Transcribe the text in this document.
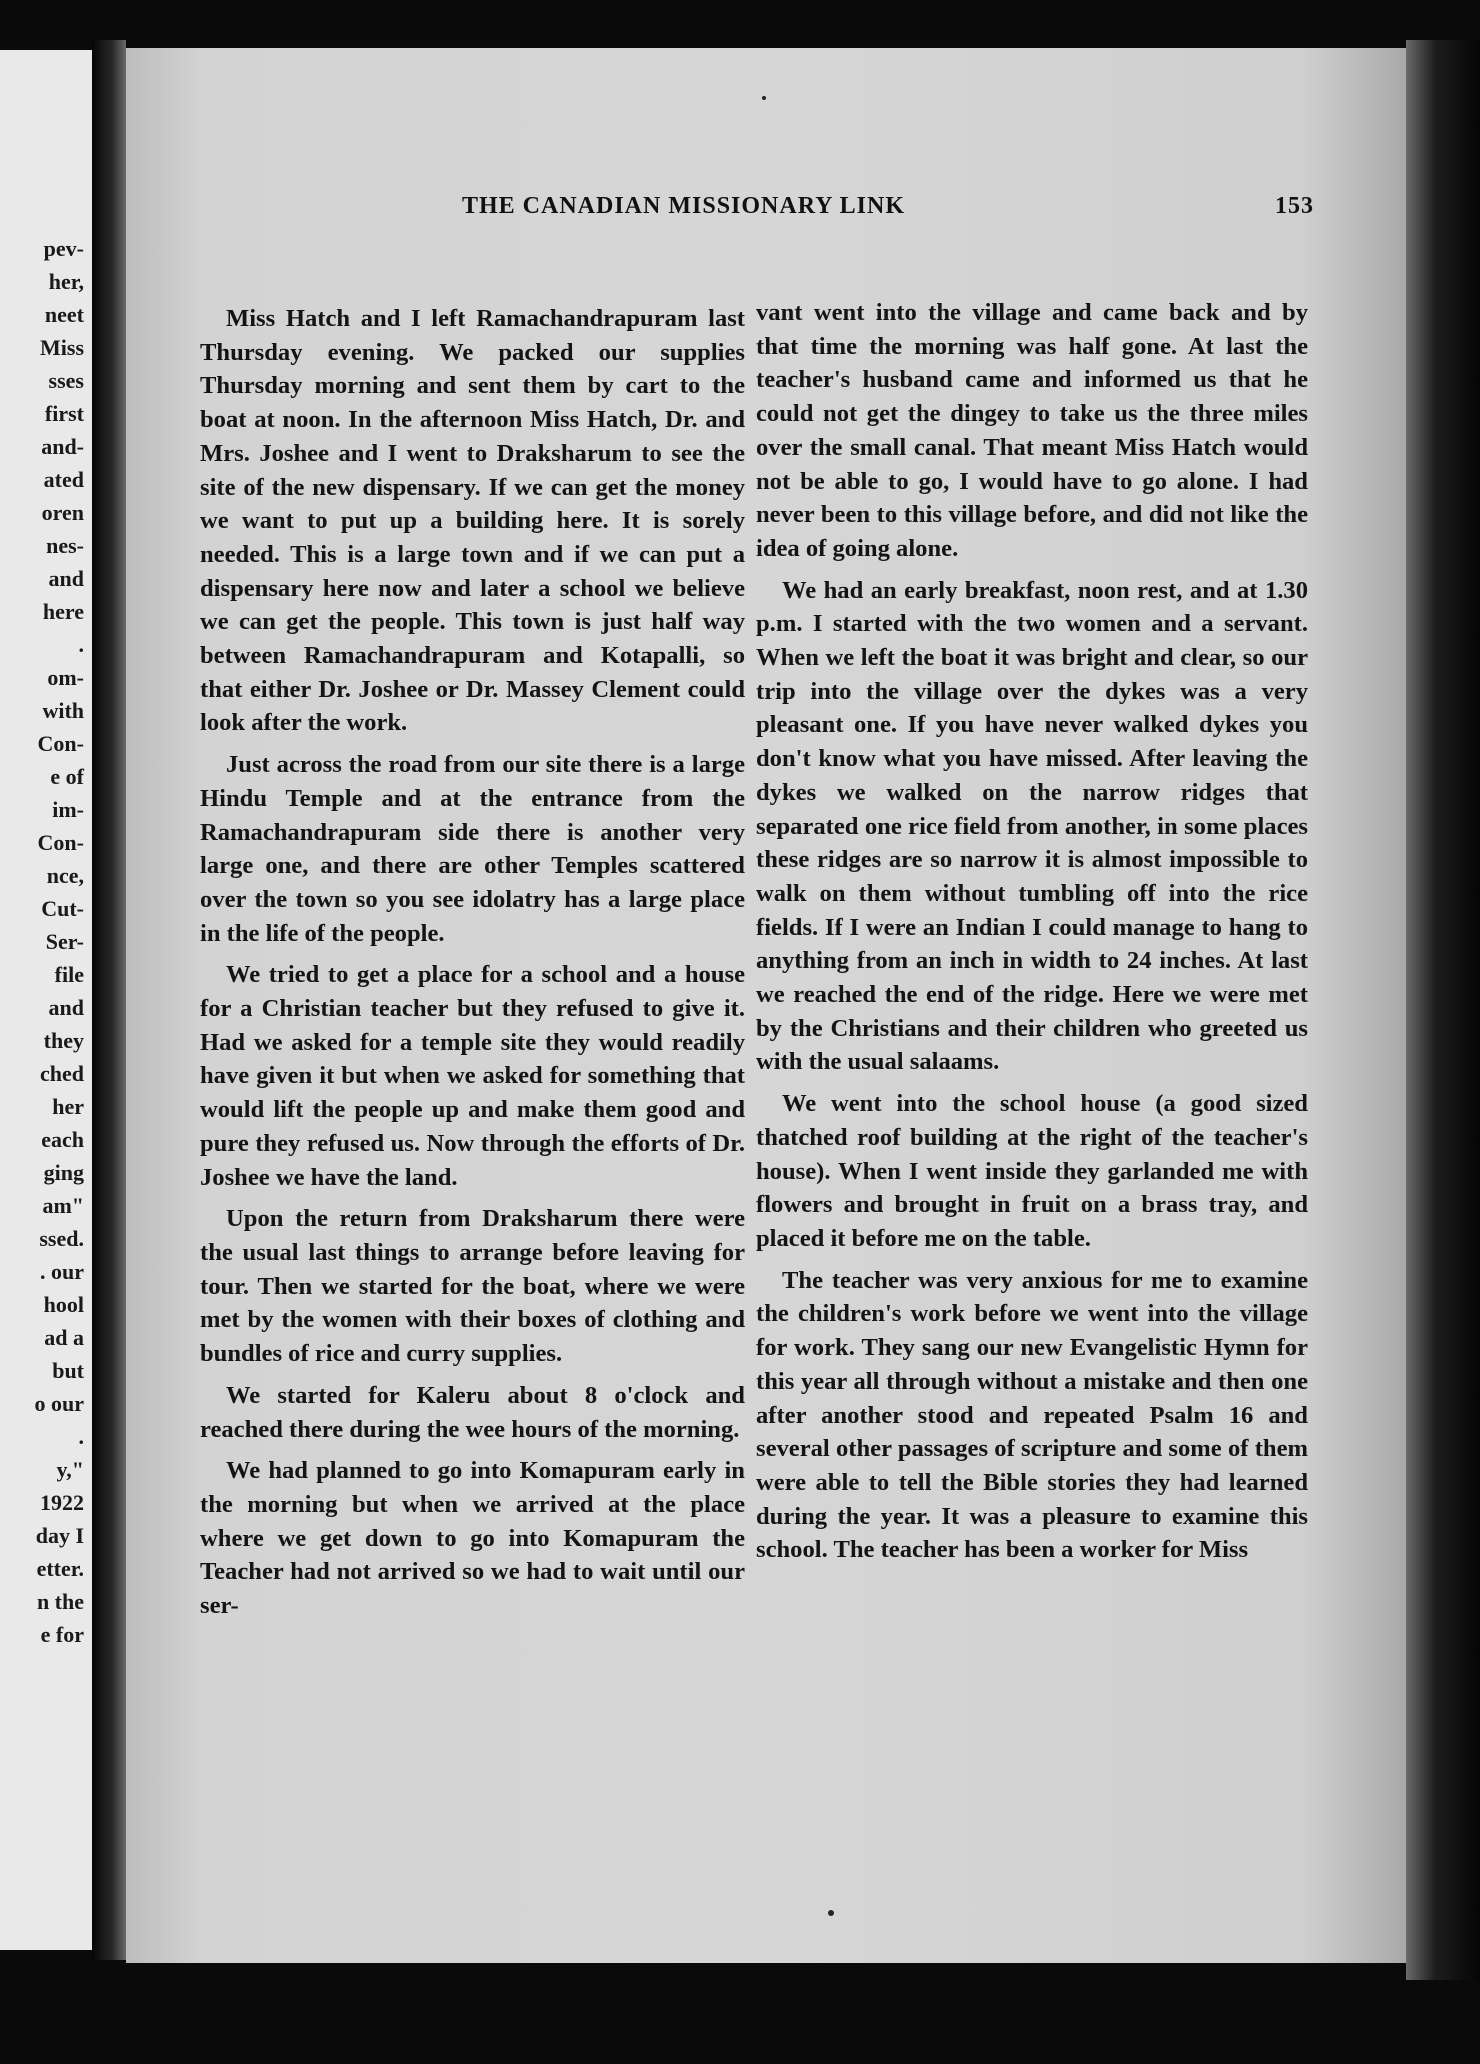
pev-
her,
neet
Miss
sses
first
and-
ated
oren
nes-
and
here
.
om-
with
Con-
e of
im-
Con-
nce,
Cut-
Ser-
file
and
they
ched
her
each
ging
am"
ssed.
. our
hool
ad a
but
o our
.
y,"
1922
day I
etter.
n the
e for
THE CANADIAN MISSIONARY LINK	153

Miss Hatch and I left Ramachandrapuram last Thursday evening. We packed our supplies Thursday morning and sent them by cart to the boat at noon. In the afternoon Miss Hatch, Dr. and Mrs. Joshee and I went to Draksharum to see the site of the new dispensary. If we can get the money we want to put up a building here. It is sorely needed. This is a large town and if we can put a dispensary here now and later a school we believe we can get the people. This town is just half way between Ramachandrapuram and Kotapalli, so that either Dr. Joshee or Dr. Massey Clement could look after the work.

Just across the road from our site there is a large Hindu Temple and at the entrance from the Ramachandrapuram side there is another very large one, and there are other Temples scattered over the town so you see idolatry has a large place in the life of the people.

We tried to get a place for a school and a house for a Christian teacher but they refused to give it. Had we asked for a temple site they would readily have given it but when we asked for something that would lift the people up and make them good and pure they refused us. Now through the efforts of Dr. Joshee we have the land.

Upon the return from Draksharum there were the usual last things to arrange before leaving for tour. Then we started for the boat, where we were met by the women with their boxes of clothing and bundles of rice and curry supplies.

We started for Kaleru about 8 o'clock and reached there during the wee hours of the morning.

We had planned to go into Komapuram early in the morning but when we arrived at the place where we get down to go into Komapuram the Teacher had not arrived so we had to wait until our ser-

vant went into the village and came back and by that time the morning was half gone. At last the teacher's husband came and informed us that he could not get the dingey to take us the three miles over the small canal. That meant Miss Hatch would not be able to go, I would have to go alone. I had never been to this village before, and did not like the idea of going alone.

We had an early breakfast, noon rest, and at 1.30 p.m. I started with the two women and a servant. When we left the boat it was bright and clear, so our trip into the village over the dykes was a very pleasant one. If you have never walked dykes you don't know what you have missed. After leaving the dykes we walked on the narrow ridges that separated one rice field from another, in some places these ridges are so narrow it is almost impossible to walk on them without tumbling off into the rice fields. If I were an Indian I could manage to hang to anything from an inch in width to 24 inches. At last we reached the end of the ridge. Here we were met by the Christians and their children who greeted us with the usual salaams.

We went into the school house (a good sized thatched roof building at the right of the teacher's house). When I went inside they garlanded me with flowers and brought in fruit on a brass tray, and placed it before me on the table.

The teacher was very anxious for me to examine the children's work before we went into the village for work. They sang our new Evangelistic Hymn for this year all through without a mistake and then one after another stood and repeated Psalm 16 and several other passages of scripture and some of them were able to tell the Bible stories they had learned during the year. It was a pleasure to examine this school. The teacher has been a worker for Miss
